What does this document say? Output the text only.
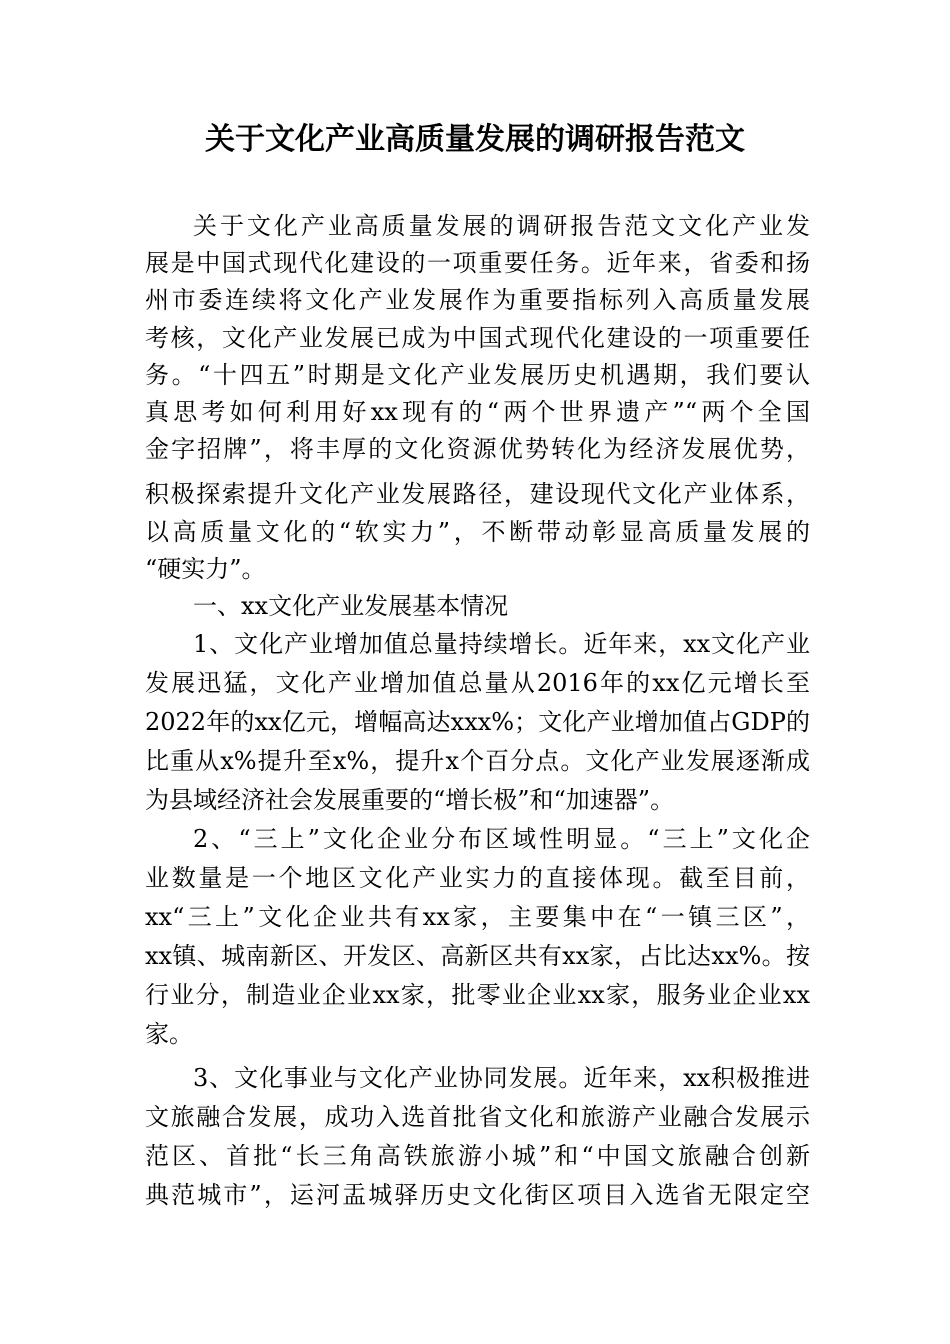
关于文化产业高质量发展的调研报告范文
关于文化产业高质量发展的调研报告范文文化产业发
展是中国式现代化建设的一项重要任务。近年来，省委和扬
州市委连续将文化产业发展作为重要指标列入高质量发展
考核，文化产业发展已成为中国式现代化建设的一项重要任
务。“十四五”时期是文化产业发展历史机遇期，我们要认
真思考如何利用好xx现有的“两个世界遗产”“两个全国
金字招牌”，将丰厚的文化资源优势转化为经济发展优势，
积极探索提升文化产业发展路径，建设现代文化产业体系，
以高质量文化的“软实力”，不断带动彰显高质量发展的
“硬实力”。
一、xx文化产业发展基本情况
1、文化产业增加值总量持续增长。近年来，xx文化产业
发展迅猛，文化产业增加值总量从2016年的xx亿元增长至
2022年的xx亿元，增幅高达xxx%；文化产业增加值占GDP的
比重从x%提升至x%，提升x个百分点。文化产业发展逐渐成
为县域经济社会发展重要的“增长极”和“加速器”。
2、“三上”文化企业分布区域性明显。“三上”文化企
业数量是一个地区文化产业实力的直接体现。截至目前，
xx“三上”文化企业共有xx家，主要集中在“一镇三区”，
xx镇、城南新区、开发区、高新区共有xx家，占比达xx%。按
行业分，制造业企业xx家，批零业企业xx家，服务业企业xx
家。
3、文化事业与文化产业协同发展。近年来，xx积极推进
文旅融合发展，成功入选首批省文化和旅游产业融合发展示
范区、首批“长三角高铁旅游小城”和“中国文旅融合创新
典范城市”，运河盂城驿历史文化街区项目入选省无限定空
